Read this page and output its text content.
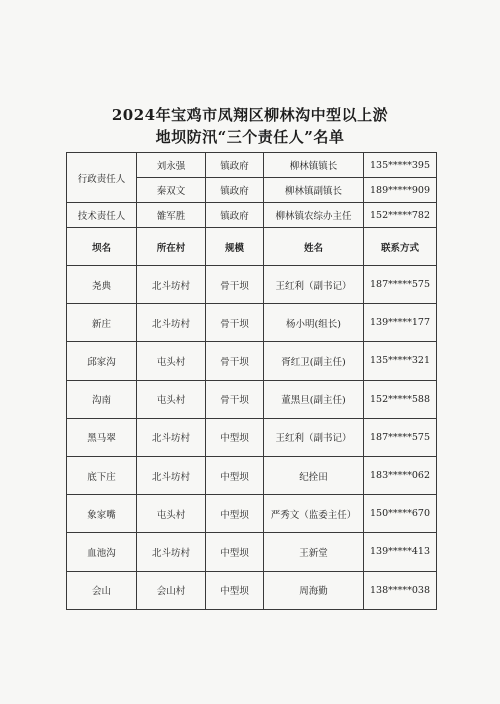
2024年宝鸡市凤翔区柳林沟中型以上淤
地坝防汛“三个责任人”名单
行政责任人	刘永强	镇政府	柳林镇镇长	135*****395
	秦双文	镇政府	柳林镇副镇长	189*****909
技术责任人	雒军胜	镇政府	柳林镇农综办主任	152*****782
坝名	所在村	规模	姓名	联系方式
尧典	北斗坊村	骨干坝	王红利（副书记）	187*****575
新庄	北斗坊村	骨干坝	杨小明(组长)	139*****177
邱家沟	屯头村	骨干坝	胥红卫(副主任)	135*****321
沟南	屯头村	骨干坝	董黑旦(副主任)	152*****588
黑马翠	北斗坊村	中型坝	王红利（副书记）	187*****575
底下庄	北斗坊村	中型坝	纪拴田	183*****062
象家嘴	屯头村	中型坝	严秀文（监委主任）	150*****670
血池沟	北斗坊村	中型坝	王新堂	139*****413
会山	会山村	中型坝	周海勤	138*****038
